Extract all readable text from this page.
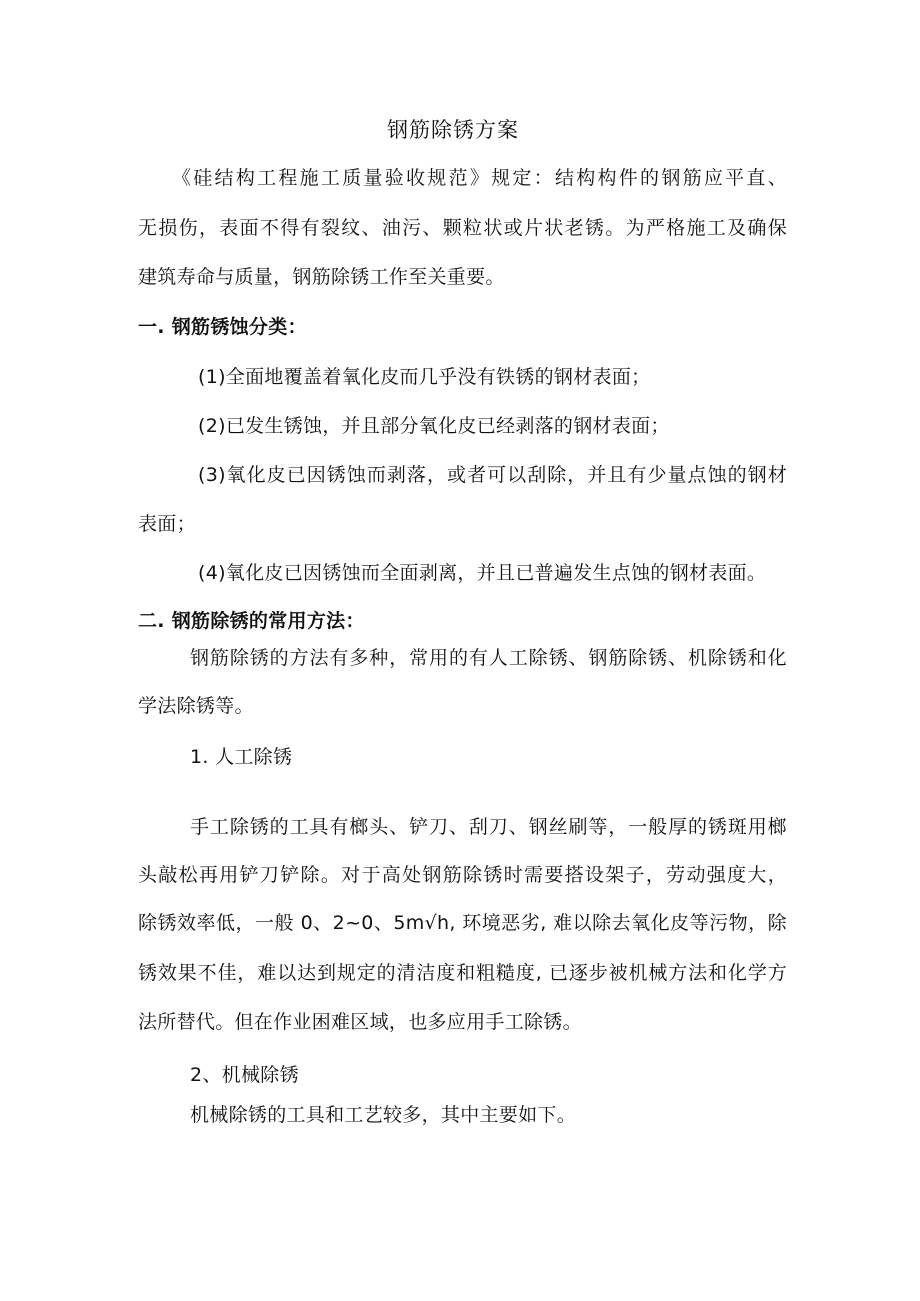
钢筋除锈方案
《硅结构工程施工质量验收规范》规定：结构构件的钢筋应平直、
无损伤，表面不得有裂纹、油污、颗粒状或片状老锈。为严格施工及确保
建筑寿命与质量，钢筋除锈工作至关重要。
一. 钢筋锈蚀分类：
(1)全面地覆盖着氧化皮而几乎没有铁锈的钢材表面；
(2)已发生锈蚀，并且部分氧化皮已经剥落的钢材表面；
(3)氧化皮已因锈蚀而剥落，或者可以刮除，并且有少量点蚀的钢材
表面；
(4)氧化皮已因锈蚀而全面剥离，并且已普遍发生点蚀的钢材表面。
二. 钢筋除锈的常用方法：
钢筋除锈的方法有多种，常用的有人工除锈、钢筋除锈、机除锈和化
学法除锈等。
1. 人工除锈
手工除锈的工具有榔头、铲刀、刮刀、钢丝刷等，一般厚的锈斑用榔
头敲松再用铲刀铲除。对于高处钢筋除锈时需要搭设架子，劳动强度大，
除锈效率低，一般 0、2~0、5m√h, 环境恶劣, 难以除去氧化皮等污物，除
锈效果不佳，难以达到规定的清洁度和粗糙度, 已逐步被机械方法和化学方
法所替代。但在作业困难区域，也多应用手工除锈。
2、机械除锈
机械除锈的工具和工艺较多，其中主要如下。
